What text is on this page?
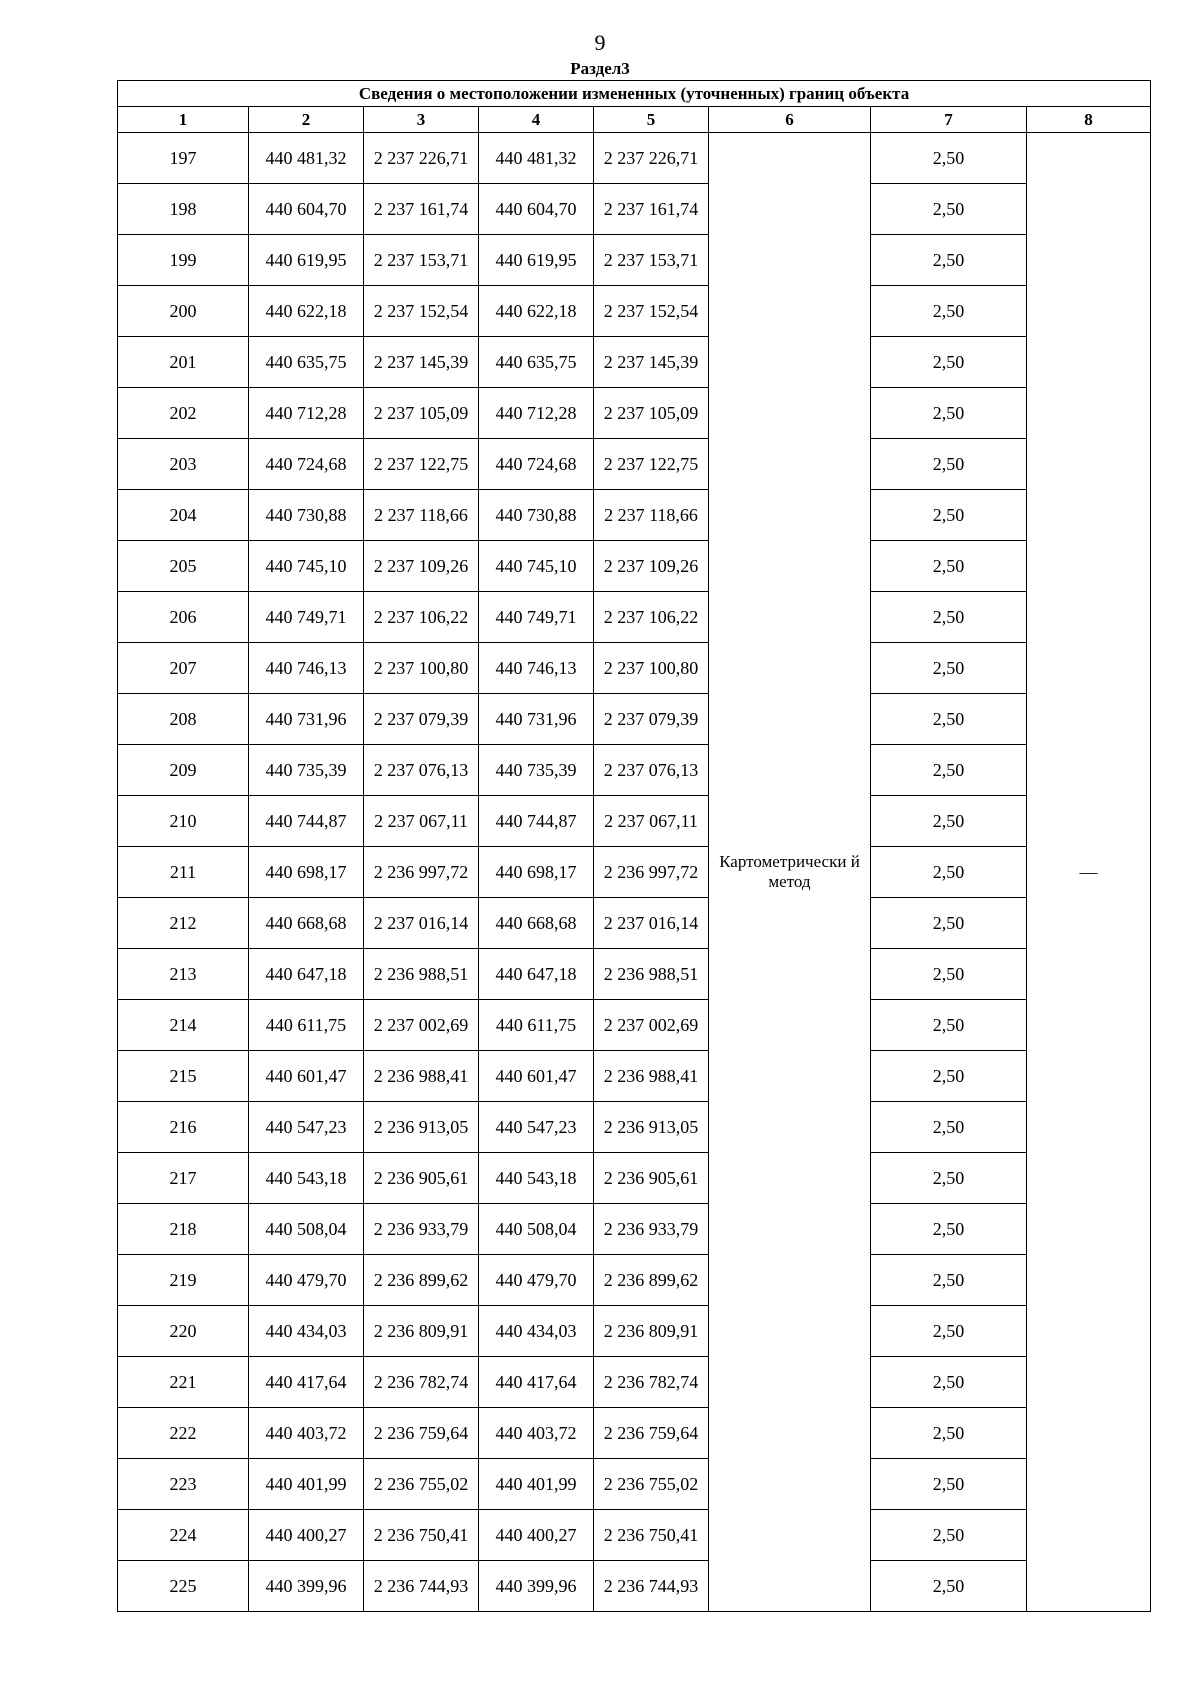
9
Раздел3
Сведения о местоположении измененных (уточненных) границ объекта							
1	2	3	4	5	6	7	8
197	440 481,32	2 237 226,71	440 481,32	2 237 226,71	Картометрически й метод	2,50	—
198	440 604,70	2 237 161,74	440 604,70	2 237 161,74		2,50	
199	440 619,95	2 237 153,71	440 619,95	2 237 153,71		2,50	
200	440 622,18	2 237 152,54	440 622,18	2 237 152,54		2,50	
201	440 635,75	2 237 145,39	440 635,75	2 237 145,39		2,50	
202	440 712,28	2 237 105,09	440 712,28	2 237 105,09		2,50	
203	440 724,68	2 237 122,75	440 724,68	2 237 122,75		2,50	
204	440 730,88	2 237 118,66	440 730,88	2 237 118,66		2,50	
205	440 745,10	2 237 109,26	440 745,10	2 237 109,26		2,50	
206	440 749,71	2 237 106,22	440 749,71	2 237 106,22		2,50	
207	440 746,13	2 237 100,80	440 746,13	2 237 100,80		2,50	
208	440 731,96	2 237 079,39	440 731,96	2 237 079,39		2,50	
209	440 735,39	2 237 076,13	440 735,39	2 237 076,13		2,50	
210	440 744,87	2 237 067,11	440 744,87	2 237 067,11		2,50	
211	440 698,17	2 236 997,72	440 698,17	2 236 997,72		2,50	
212	440 668,68	2 237 016,14	440 668,68	2 237 016,14		2,50	
213	440 647,18	2 236 988,51	440 647,18	2 236 988,51		2,50	
214	440 611,75	2 237 002,69	440 611,75	2 237 002,69		2,50	
215	440 601,47	2 236 988,41	440 601,47	2 236 988,41		2,50	
216	440 547,23	2 236 913,05	440 547,23	2 236 913,05		2,50	
217	440 543,18	2 236 905,61	440 543,18	2 236 905,61		2,50	
218	440 508,04	2 236 933,79	440 508,04	2 236 933,79		2,50	
219	440 479,70	2 236 899,62	440 479,70	2 236 899,62		2,50	
220	440 434,03	2 236 809,91	440 434,03	2 236 809,91		2,50	
221	440 417,64	2 236 782,74	440 417,64	2 236 782,74		2,50	
222	440 403,72	2 236 759,64	440 403,72	2 236 759,64		2,50	
223	440 401,99	2 236 755,02	440 401,99	2 236 755,02		2,50	
224	440 400,27	2 236 750,41	440 400,27	2 236 750,41		2,50	
225	440 399,96	2 236 744,93	440 399,96	2 236 744,93		2,50	
